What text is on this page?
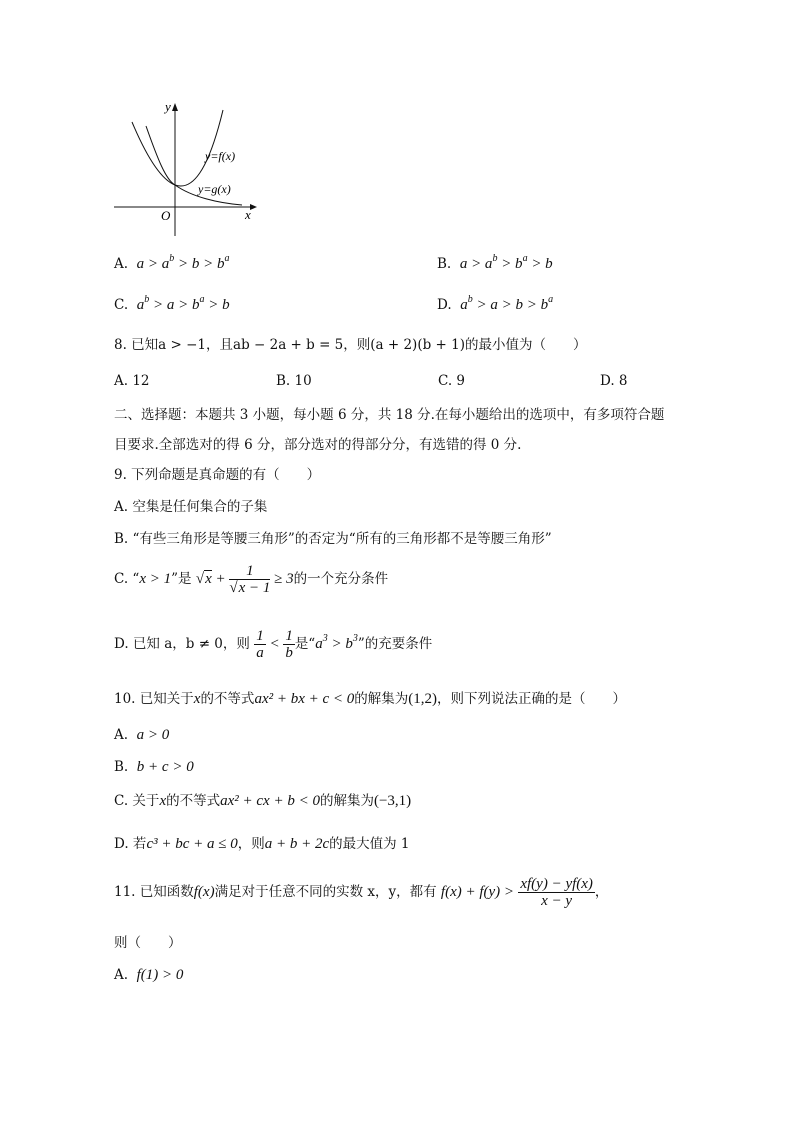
y
x
O
y=f(x)
y=g(x)
A. $a > a^b > b > b^a$	B. $a > a^b > b^a > b$
C. $a^b > a > b^a > b$	D. $a^b > a > b > b^a$
8. 已知a > −1，且ab − 2a + b = 5，则(a + 2)(b + 1)的最小值为（　　）
A. 12	B. 10	C. 9	D. 8
二、选择题：本题共 3 小题，每小题 6 分，共 18 分.在每小题给出的选项中，有多项符合题
目要求.全部选对的得 6 分，部分选对的得部分分，有选错的得 0 分.
9. 下列命题是真命题的有（　　）
A. 空集是任何集合的子集
B. “有些三角形是等腰三角形”的否定为“所有的三角形都不是等腰三角形”
C. “x > 1”是 $√x + \frac{1}{√x - 1} \ge 3$的一个充分条件
D. 已知 a，b ≠ 0，则 $\frac{1}{a} < \frac{1}{b}$ 是“$a^3 > b^3$”的充要条件
10. 已知关于x的不等式ax² + bx + c < 0的解集为(1,2)，则下列说法正确的是（　　）
A.  a > 0
B.  b + c > 0
C. 关于x的不等式ax² + cx + b < 0的解集为(−3,1)
D. 若c³ + bc + a ≤ 0，则a + b + 2c的最大值为 1
11. 已知函数f(x)满足对于任意不同的实数 x，y，都有 $f(x) + f(y) > \frac{xf(y) - yf(x)}{x - y}$ ，
则（　　）
A. f(1) > 0
